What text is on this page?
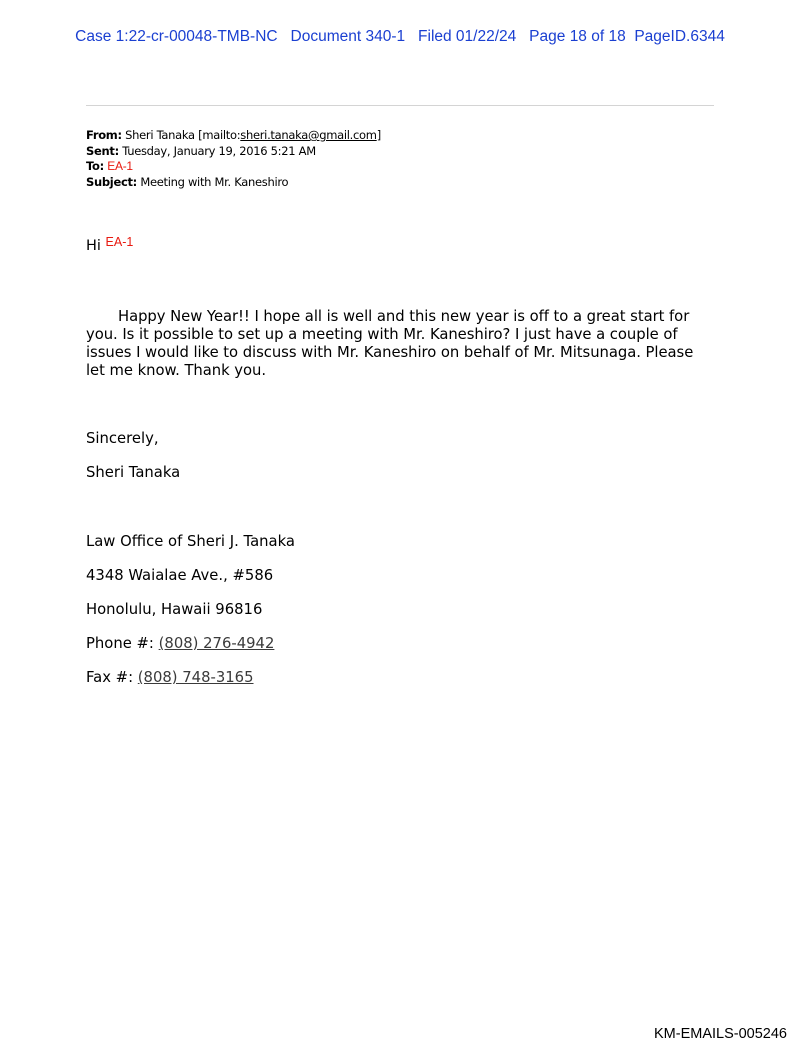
Case 1:22-cr-00048-TMB-NC   Document 340-1   Filed 01/22/24   Page 18 of 18  PageID.6344
From: Sheri Tanaka [mailto:sheri.tanaka@gmail.com]
Sent: Tuesday, January 19, 2016 5:21 AM
To: EA-1
Subject: Meeting with Mr. Kaneshiro
Hi EA-1
Happy New Year!! I hope all is well and this new year is off to a great start for you. Is it possible to set up a meeting with Mr. Kaneshiro? I just have a couple of issues I would like to discuss with Mr. Kaneshiro on behalf of Mr. Mitsunaga. Please let me know. Thank you.
Sincerely,
Sheri Tanaka
Law Office of Sheri J. Tanaka
4348 Waialae Ave., #586
Honolulu, Hawaii 96816
Phone #: (808) 276-4942
Fax #: (808) 748-3165
KM-EMAILS-005246
